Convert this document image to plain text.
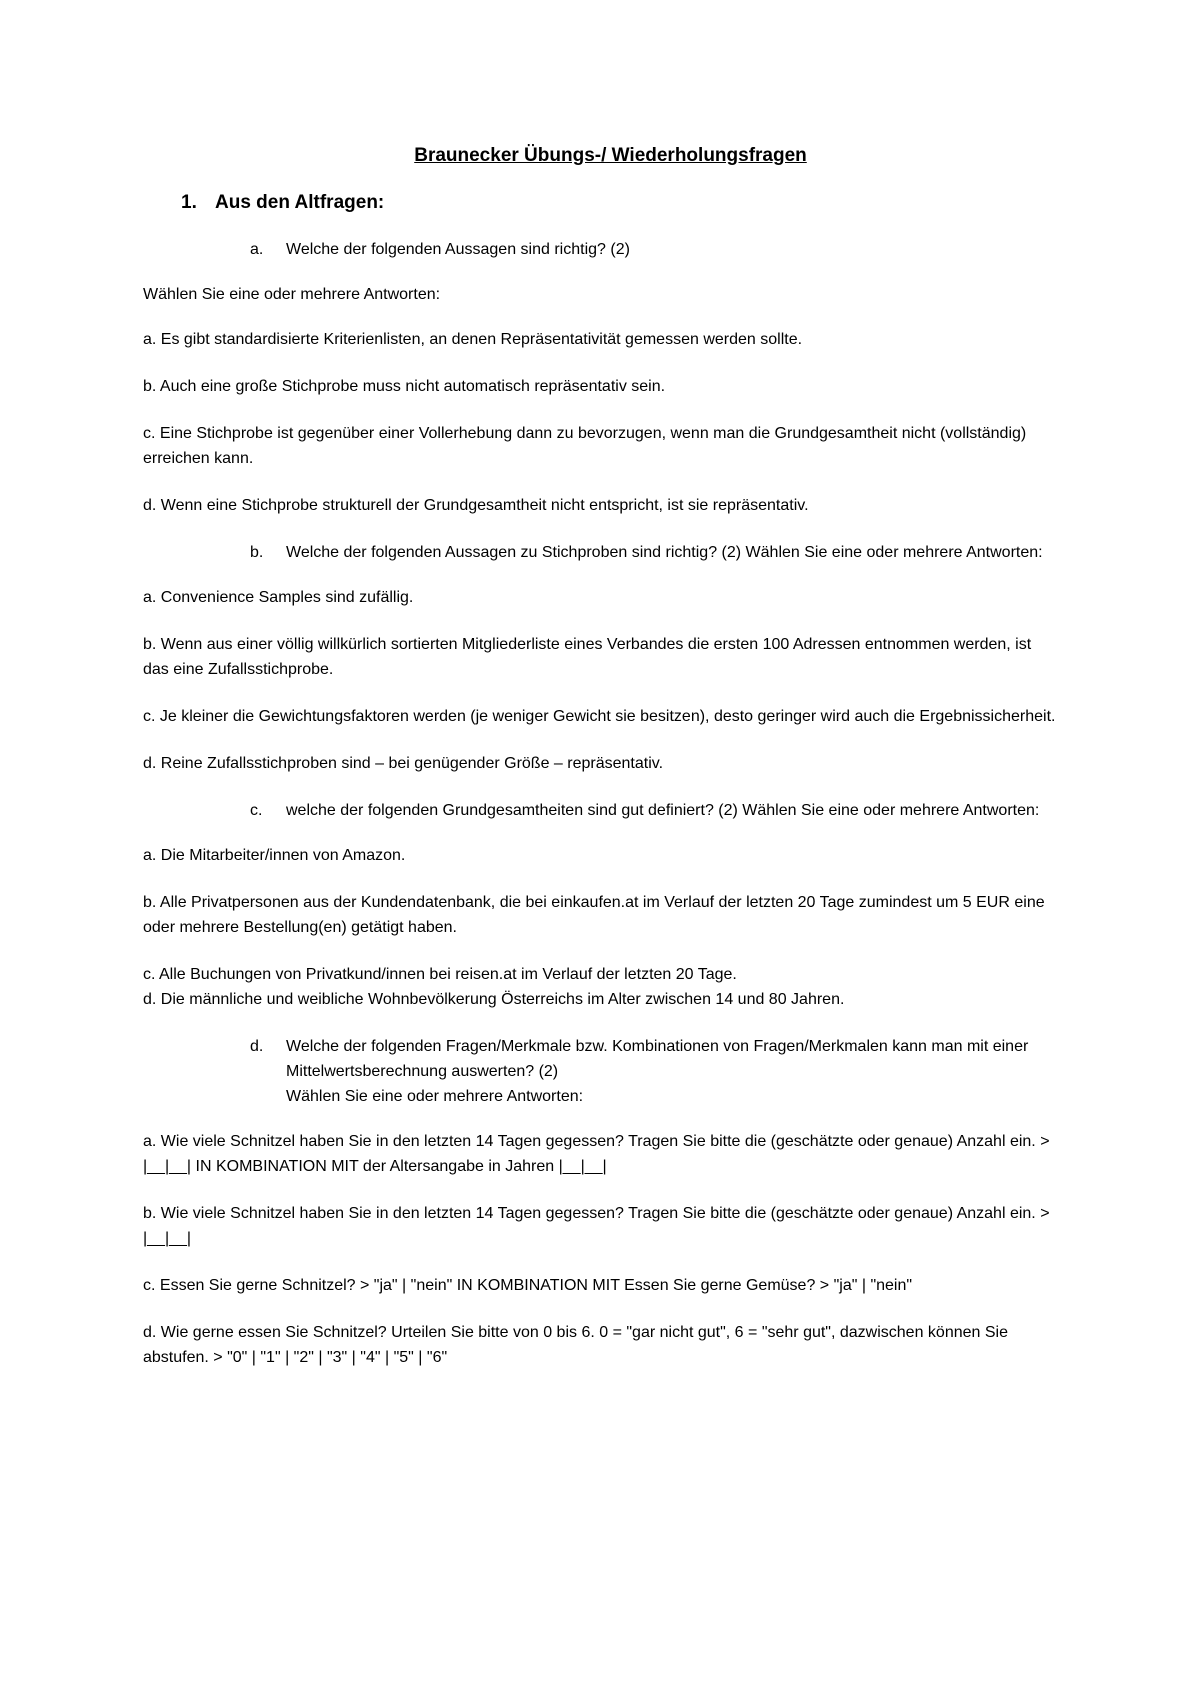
Braunecker Übungs-/ Wiederholungsfragen
1. Aus den Altfragen:
a.	Welche der folgenden Aussagen sind richtig? (2)
Wählen Sie eine oder mehrere Antworten:
a. Es gibt standardisierte Kriterienlisten, an denen Repräsentativität gemessen werden sollte.
b. Auch eine große Stichprobe muss nicht automatisch repräsentativ sein.
c. Eine Stichprobe ist gegenüber einer Vollerhebung dann zu bevorzugen, wenn man die Grundgesamtheit nicht (vollständig) erreichen kann.
d. Wenn eine Stichprobe strukturell der Grundgesamtheit nicht entspricht, ist sie repräsentativ.
b.	Welche der folgenden Aussagen zu Stichproben sind richtig? (2) Wählen Sie eine oder mehrere Antworten:
a. Convenience Samples sind zufällig.
b. Wenn aus einer völlig willkürlich sortierten Mitgliederliste eines Verbandes die ersten 100 Adressen entnommen werden, ist das eine Zufallsstichprobe.
c. Je kleiner die Gewichtungsfaktoren werden (je weniger Gewicht sie besitzen), desto geringer wird auch die Ergebnissicherheit.
d. Reine Zufallsstichproben sind – bei genügender Größe – repräsentativ.
c.	welche der folgenden Grundgesamtheiten sind gut definiert? (2) Wählen Sie eine oder mehrere Antworten:
a. Die Mitarbeiter/innen von Amazon.
b. Alle Privatpersonen aus der Kundendatenbank, die bei einkaufen.at im Verlauf der letzten 20 Tage zumindest um 5 EUR eine oder mehrere Bestellung(en) getätigt haben.
c. Alle Buchungen von Privatkund/innen bei reisen.at im Verlauf der letzten 20 Tage.
d. Die männliche und weibliche Wohnbevölkerung Österreichs im Alter zwischen 14 und 80 Jahren.
d.	Welche der folgenden Fragen/Merkmale bzw. Kombinationen von Fragen/Merkmalen kann man mit einer Mittelwertsberechnung auswerten? (2)
Wählen Sie eine oder mehrere Antworten:
a. Wie viele Schnitzel haben Sie in den letzten 14 Tagen gegessen? Tragen Sie bitte die (geschätzte oder genaue) Anzahl ein. > |__|__| IN KOMBINATION MIT der Altersangabe in Jahren |__|__|
b. Wie viele Schnitzel haben Sie in den letzten 14 Tagen gegessen? Tragen Sie bitte die (geschätzte oder genaue) Anzahl ein. > |__|__|
c. Essen Sie gerne Schnitzel? > "ja" | "nein" IN KOMBINATION MIT Essen Sie gerne Gemüse? > "ja" | "nein"
d. Wie gerne essen Sie Schnitzel? Urteilen Sie bitte von 0 bis 6. 0 = "gar nicht gut", 6 = "sehr gut", dazwischen können Sie abstufen. > "0" | "1" | "2" | "3" | "4" | "5" | "6"
